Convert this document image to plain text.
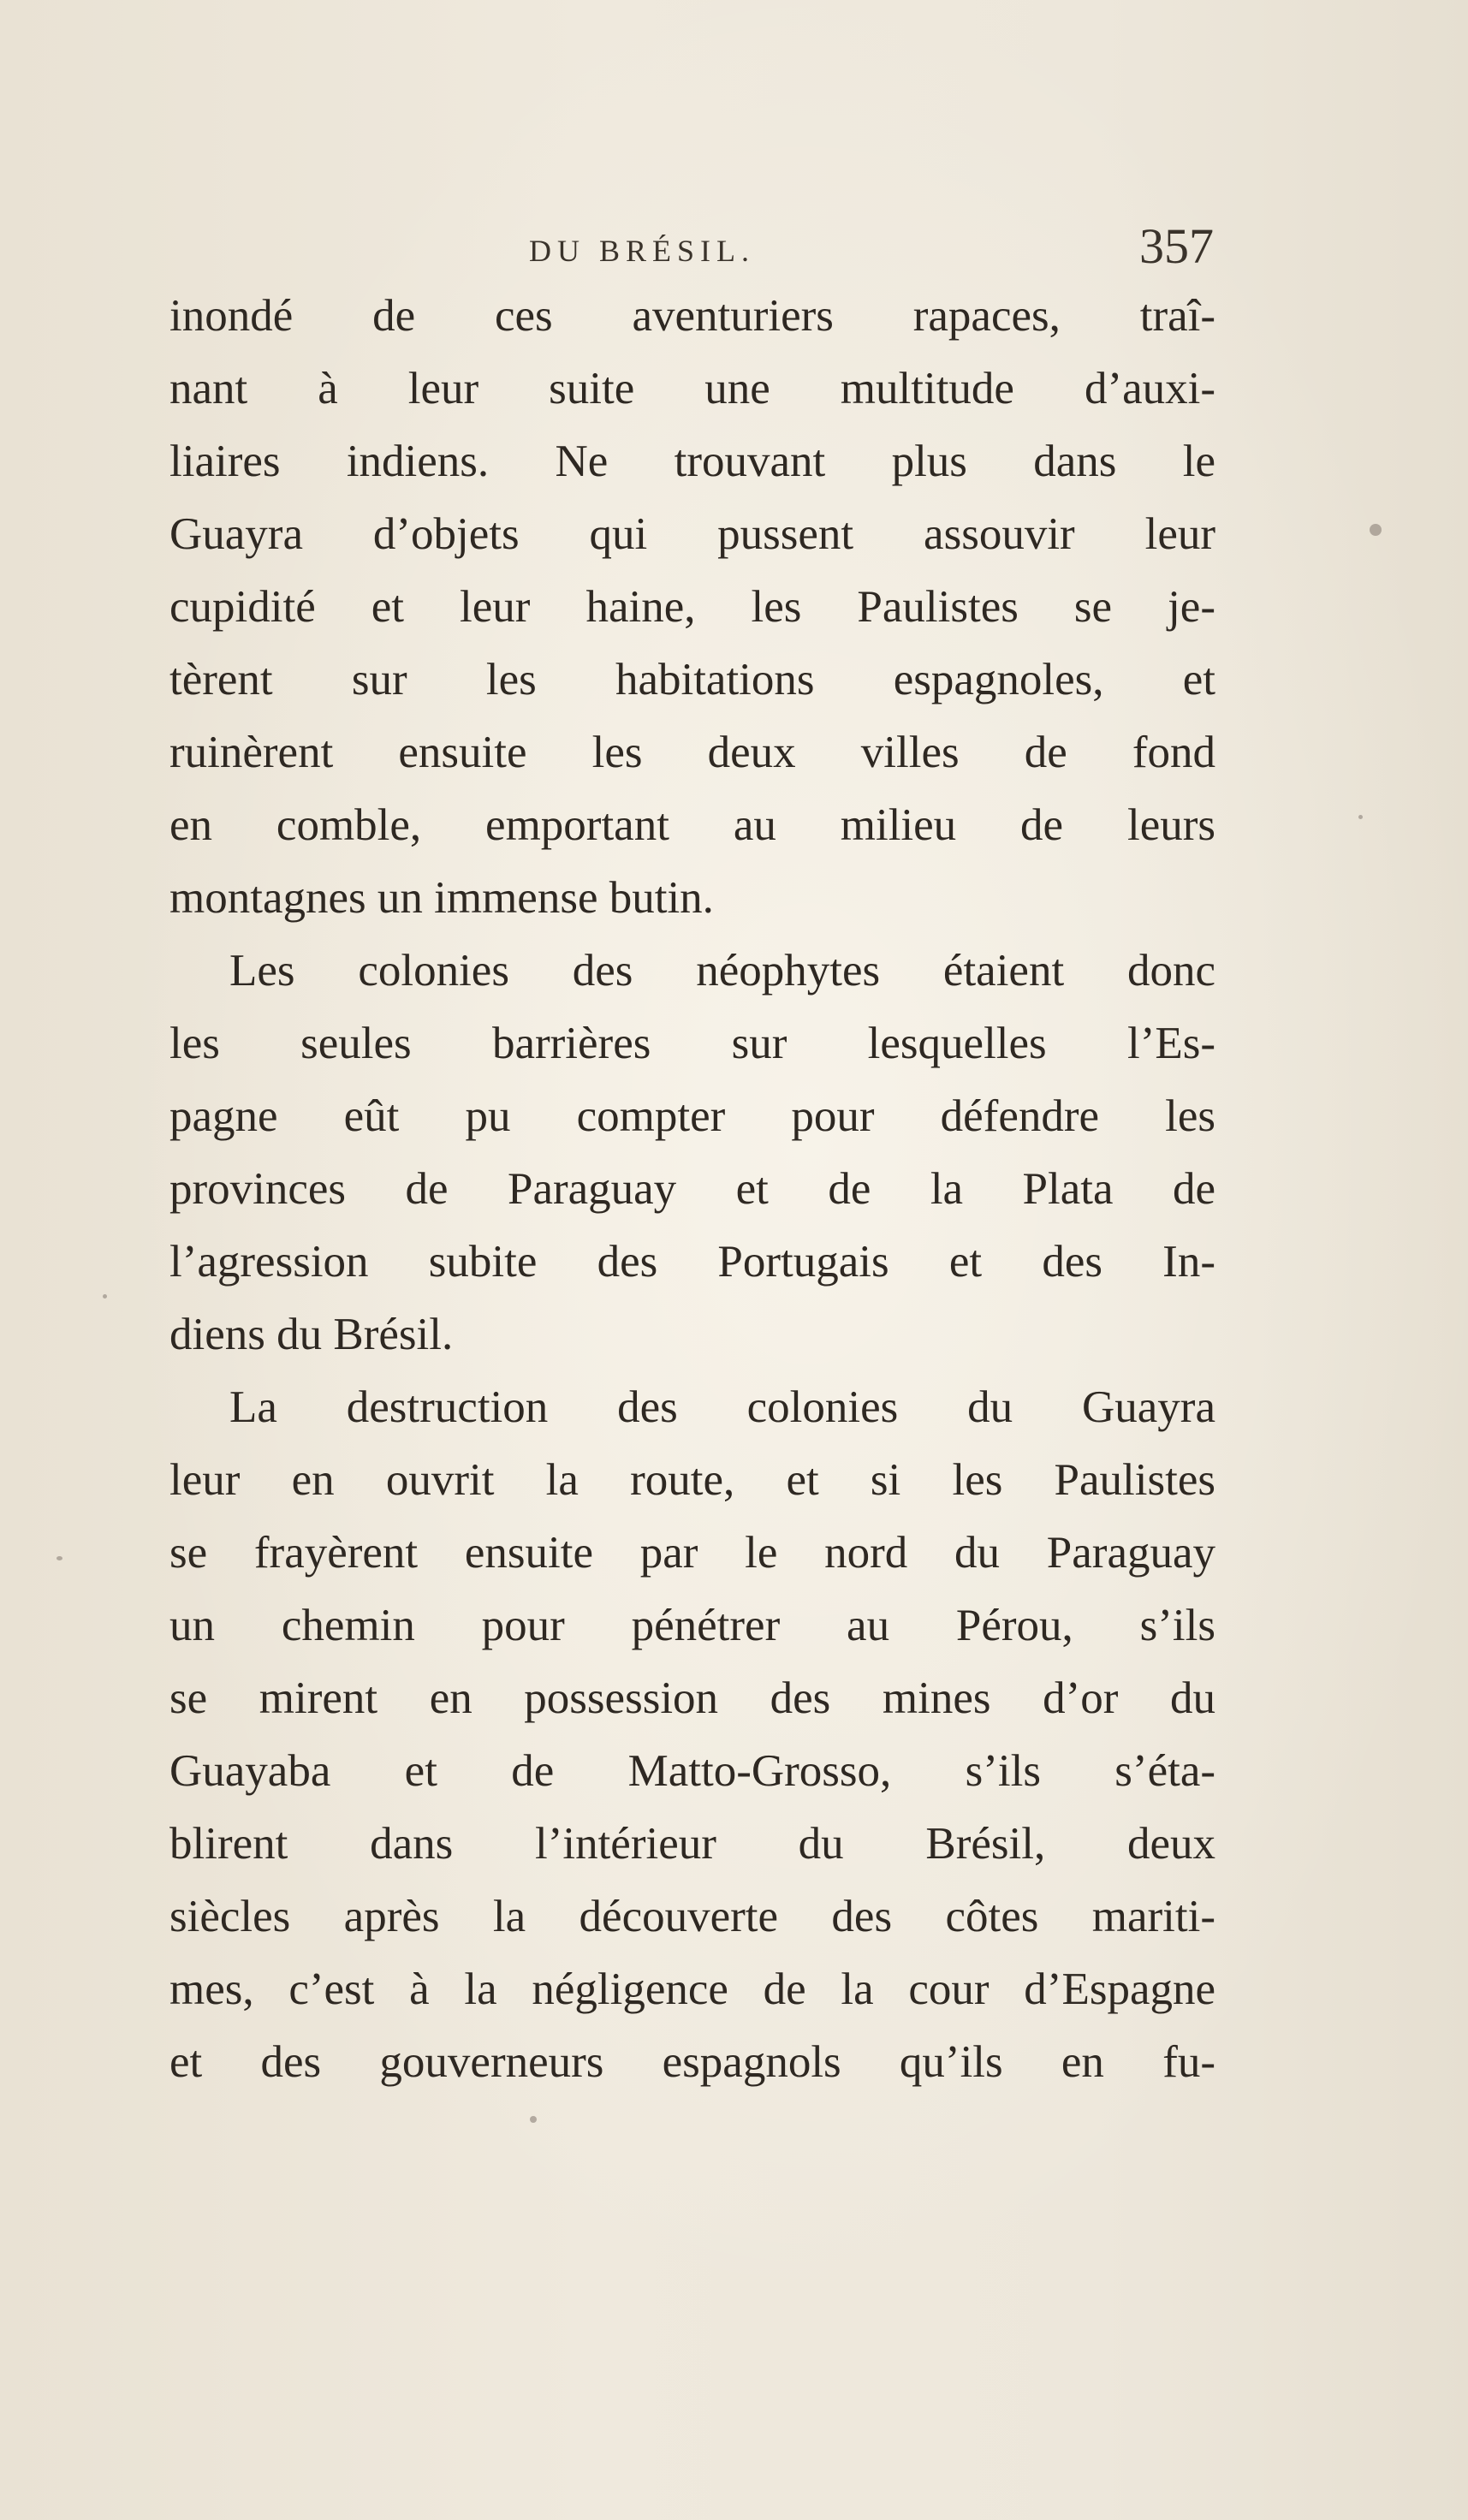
DU BRÉSIL.	357
inondé de ces aventuriers rapaces, traî-
nant à leur suite une multitude d’auxi-
liaires indiens. Ne trouvant plus dans le
Guayra d’objets qui pussent assouvir leur
cupidité et leur haine, les Paulistes se je-
tèrent sur les habitations espagnoles, et
ruinèrent ensuite les deux villes de fond
en comble, emportant au milieu de leurs
montagnes un immense butin.
Les colonies des néophytes étaient donc
les seules barrières sur lesquelles l’Es-
pagne eût pu compter pour défendre les
provinces de Paraguay et de la Plata de
l’agression subite des Portugais et des In-
diens du Brésil.
La destruction des colonies du Guayra
leur en ouvrit la route, et si les Paulistes
se frayèrent ensuite par le nord du Paraguay
un chemin pour pénétrer au Pérou, s’ils
se mirent en possession des mines d’or du
Guayaba et de Matto-Grosso, s’ils s’éta-
blirent dans l’intérieur du Brésil, deux
siècles après la découverte des côtes mariti-
mes, c’est à la négligence de la cour d’Espagne
et des gouverneurs espagnols qu’ils en fu-
